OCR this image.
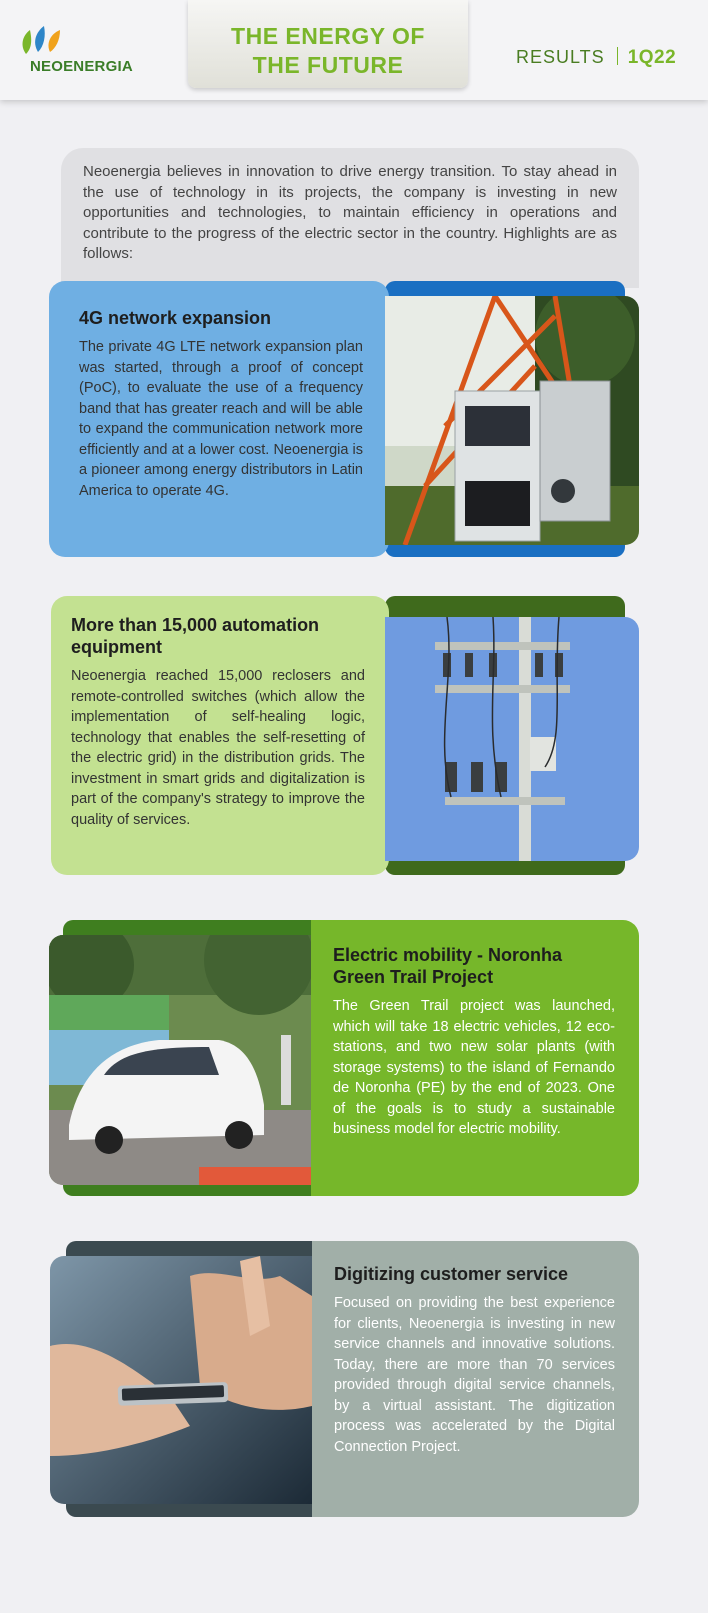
NEOENERGIA
THE ENERGY OF
THE FUTURE	RESULTS 1Q22
Neoenergia believes in innovation to drive energy transition. To stay ahead in the use of technology in its projects, the company is investing in new opportunities and technologies, to maintain efficiency in operations and contribute to the progress of the electric sector in the country. Highlights are as follows:
4G network expansion

The private 4G LTE network expansion plan was started, through a proof of concept (PoC), to evaluate the use of a frequency band that has greater reach and will be able to expand the communication network more efficiently and at a lower cost. Neoenergia is a pioneer among energy distributors in Latin America to operate 4G.

More than 15,000 automation equipment

Neoenergia reached 15,000 reclosers and remote-controlled switches (which allow the implementation of self-healing logic, technology that enables the self-resetting of the electric grid) in the distribution grids. The investment in smart grids and digitalization is part of the company's strategy to improve the quality of services.

Electric mobility - Noronha Green Trail Project

The Green Trail project was launched, which will take 18 electric vehicles, 12 eco-stations, and two new solar plants (with storage systems) to the island of Fernando de Noronha (PE) by the end of 2023. One of the goals is to study a sustainable business model for electric mobility.

Digitizing customer service

Focused on providing the best experience for clients, Neoenergia is investing in new service channels and innovative solutions. Today, there are more than 70 services provided through digital service channels, by a virtual assistant. The digitization process was accelerated by the Digital Connection Project.
